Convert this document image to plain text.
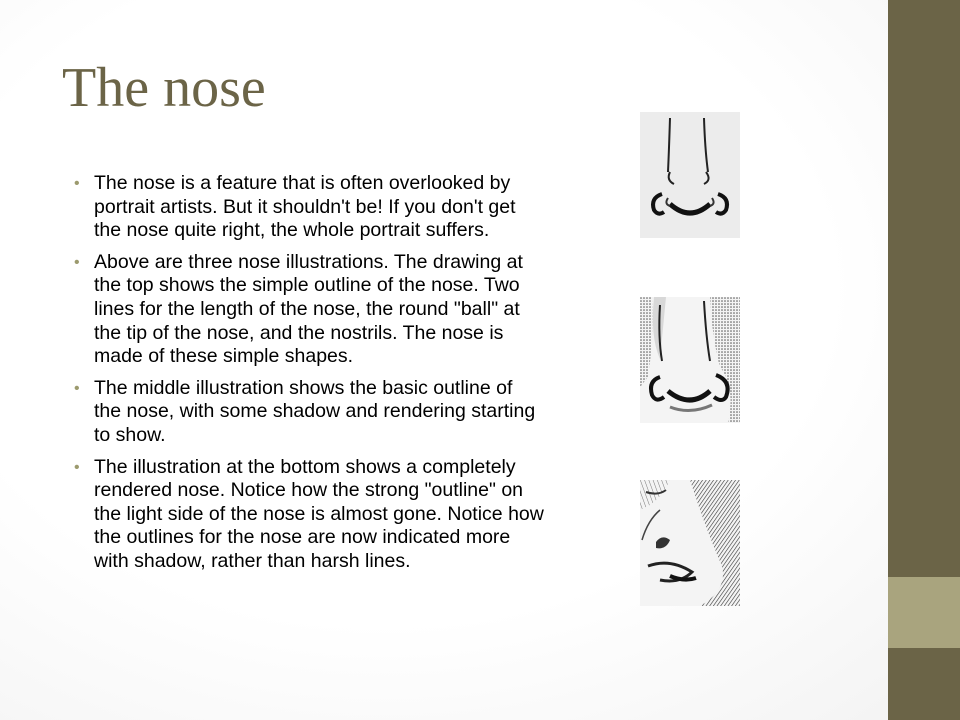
The nose
• The nose is a feature that is often overlooked by portrait artists. But it shouldn't be! If you don't get the nose quite right, the whole portrait suffers.
• Above are three nose illustrations. The drawing at the top shows the simple outline of the nose. Two lines for the length of the nose, the round "ball" at the tip of the nose, and the nostrils. The nose is made of these simple shapes.
• The middle illustration shows the basic outline of the nose, with some shadow and rendering starting to show.
• The illustration at the bottom shows a completely rendered nose. Notice how the strong "outline" on the light side of the nose is almost gone. Notice how the outlines for the nose are now indicated more with shadow, rather than harsh lines.
